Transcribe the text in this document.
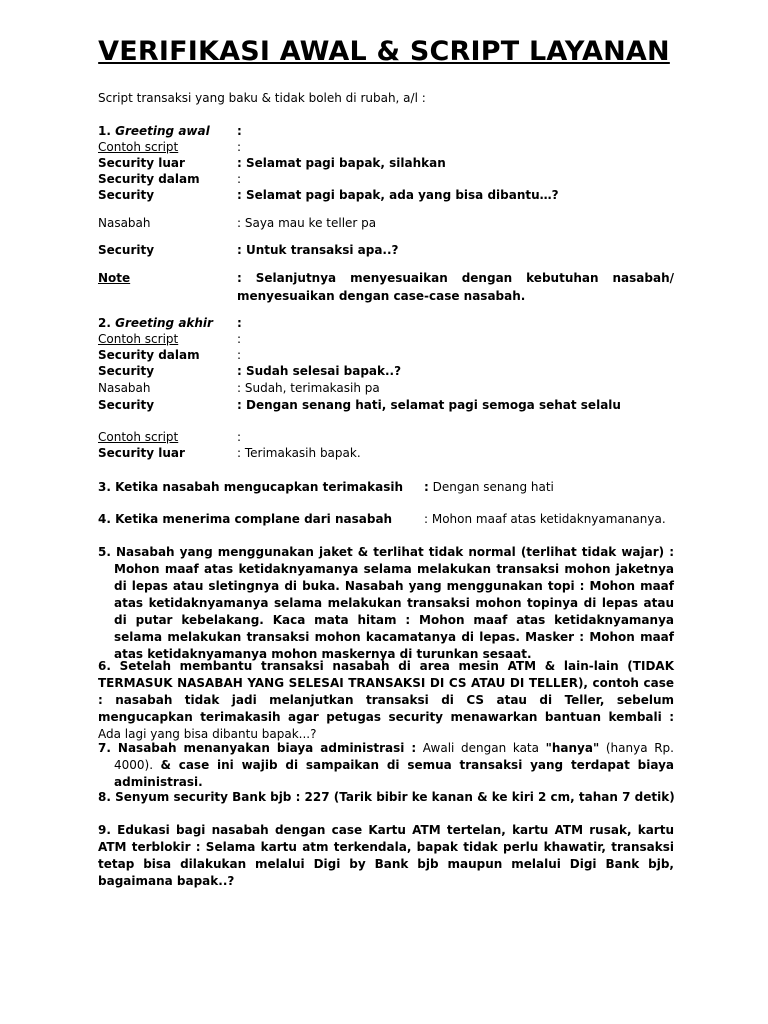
VERIFIKASI AWAL & SCRIPT LAYANAN
Script transaksi yang baku & tidak boleh di rubah, a/l :
1. Greeting awal :
Contoh script	:
Security luar	: Selamat pagi bapak, silahkan
Security dalam	:
Security	: Selamat pagi bapak, ada yang bisa dibantu…?
Nasabah	: Saya mau ke teller pa
Security	: Untuk transaksi apa..?
Note	: Selanjutnya menyesuaikan dengan kebutuhan nasabah/ menyesuaikan dengan case-case nasabah.
2. Greeting akhir :
Contoh script	:
Security dalam	:
Security	: Sudah selesai bapak..?
Nasabah	: Sudah, terimakasih pa
Security	: Dengan senang hati, selamat pagi semoga sehat selalu
Contoh script	:
Security luar	: Terimakasih bapak.
3. Ketika nasabah mengucapkan terimakasih : Dengan senang hati
4. Ketika menerima complane dari nasabah	: Mohon maaf atas ketidaknyamananya.
5. Nasabah yang menggunakan jaket & terlihat tidak normal (terlihat tidak wajar) : Mohon maaf atas ketidaknyamanya selama melakukan transaksi mohon jaketnya di lepas atau sletingnya di buka. Nasabah yang menggunakan topi : Mohon maaf atas ketidaknyamanya selama melakukan transaksi mohon topinya di lepas atau di putar kebelakang. Kaca mata hitam : Mohon maaf atas ketidaknyamanya selama melakukan transaksi mohon kacamatanya di lepas. Masker : Mohon maaf atas ketidaknyamanya mohon maskernya di turunkan sesaat.
6. Setelah membantu transaksi nasabah di area mesin ATM & lain-lain (TIDAK TERMASUK NASABAH YANG SELESAI TRANSAKSI DI CS ATAU DI TELLER), contoh case : nasabah tidak jadi melanjutkan transaksi di CS atau di Teller, sebelum mengucapkan terimakasih agar petugas security menawarkan bantuan kembali : Ada lagi yang bisa dibantu bapak...?
7. Nasabah menanyakan biaya administrasi : Awali dengan kata "hanya" (hanya Rp. 4000). & case ini wajib di sampaikan di semua transaksi yang terdapat biaya administrasi.
8. Senyum security Bank bjb : 227 (Tarik bibir ke kanan & ke kiri 2 cm, tahan 7 detik)
9. Edukasi bagi nasabah dengan case Kartu ATM tertelan, kartu ATM rusak, kartu ATM terblokir : Selama kartu atm terkendala, bapak tidak perlu khawatir, transaksi tetap bisa dilakukan melalui Digi by Bank bjb maupun melalui Digi Bank bjb, bagaimana bapak..?
